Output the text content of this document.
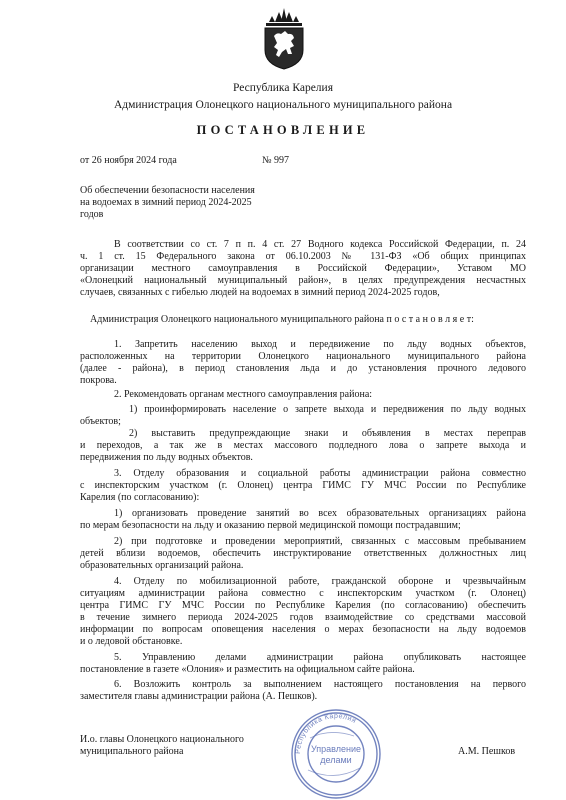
Республика Карелия
Администрация Олонецкого национального муниципального района
ПОСТАНОВЛЕНИЕ
от 26 ноября 2024 года	№ 997
Об обеспечении безопасности населения
на водоемах в зимний период 2024-2025
годов
В соответствии со ст. 7 п п. 4 ст. 27 Водного кодекса Российской Федерации, п. 24
ч. 1 ст. 15 Федерального закона от 06.10.2003 № 131-ФЗ «Об общих принципах
организации местного самоуправления в Российской Федерации», Уставом МО
«Олонецкий национальный муниципальный район», в целях предупреждения несчастных
случаев, связанных с гибелью людей на водоемах в зимний период 2024-2025 годов,
Администрация Олонецкого национального муниципального района п о с т а н о в л я е т:
1. Запретить населению выход и передвижение по льду водных объектов,
расположенных на территории Олонецкого национального муниципального района
(далее - района), в период становления льда и до установления прочного ледового
покрова.
2. Рекомендовать органам местного самоуправления района:
1) проинформировать население о запрете выхода и передвижения по льду водных
объектов;
2) выставить предупреждающие знаки и объявления в местах переправ
и переходов, а так же в местах массового подледного лова о запрете выхода и
передвижения по льду водных объектов.
3. Отделу образования и социальной работы администрации района совместно
с инспекторским участком (г. Олонец) центра ГИМС ГУ МЧС России по Республике
Карелия (по согласованию):
1) организовать проведение занятий во всех образовательных организациях района
по мерам безопасности на льду и оказанию первой медицинской помощи пострадавшим;
2) при подготовке и проведении мероприятий, связанных с массовым пребыванием
детей вблизи водоемов, обеспечить инструктирование ответственных должностных лиц
образовательных организаций района.
4. Отделу по мобилизационной работе, гражданской обороне и чрезвычайным
ситуациям администрации района совместно с инспекторским участком (г. Олонец)
центра ГИМС ГУ МЧС России по Республике Карелия (по согласованию) обеспечить
в течение зимнего периода 2024-2025 годов взаимодействие со средствами массовой
информации по вопросам оповещения населения о мерах безопасности на льду водоемов
и о ледовой обстановке.
5. Управлению делами администрации района опубликовать настоящее
постановление в газете «Олония» и разместить на официальном сайте района.
6. Возложить контроль за выполнением настоящего постановления на первого
заместителя главы администрации района (А. Пешков).
И.о. главы Олонецкого национального
муниципального района	А.М. Пешков
Республика Карелия
Управление
делами
